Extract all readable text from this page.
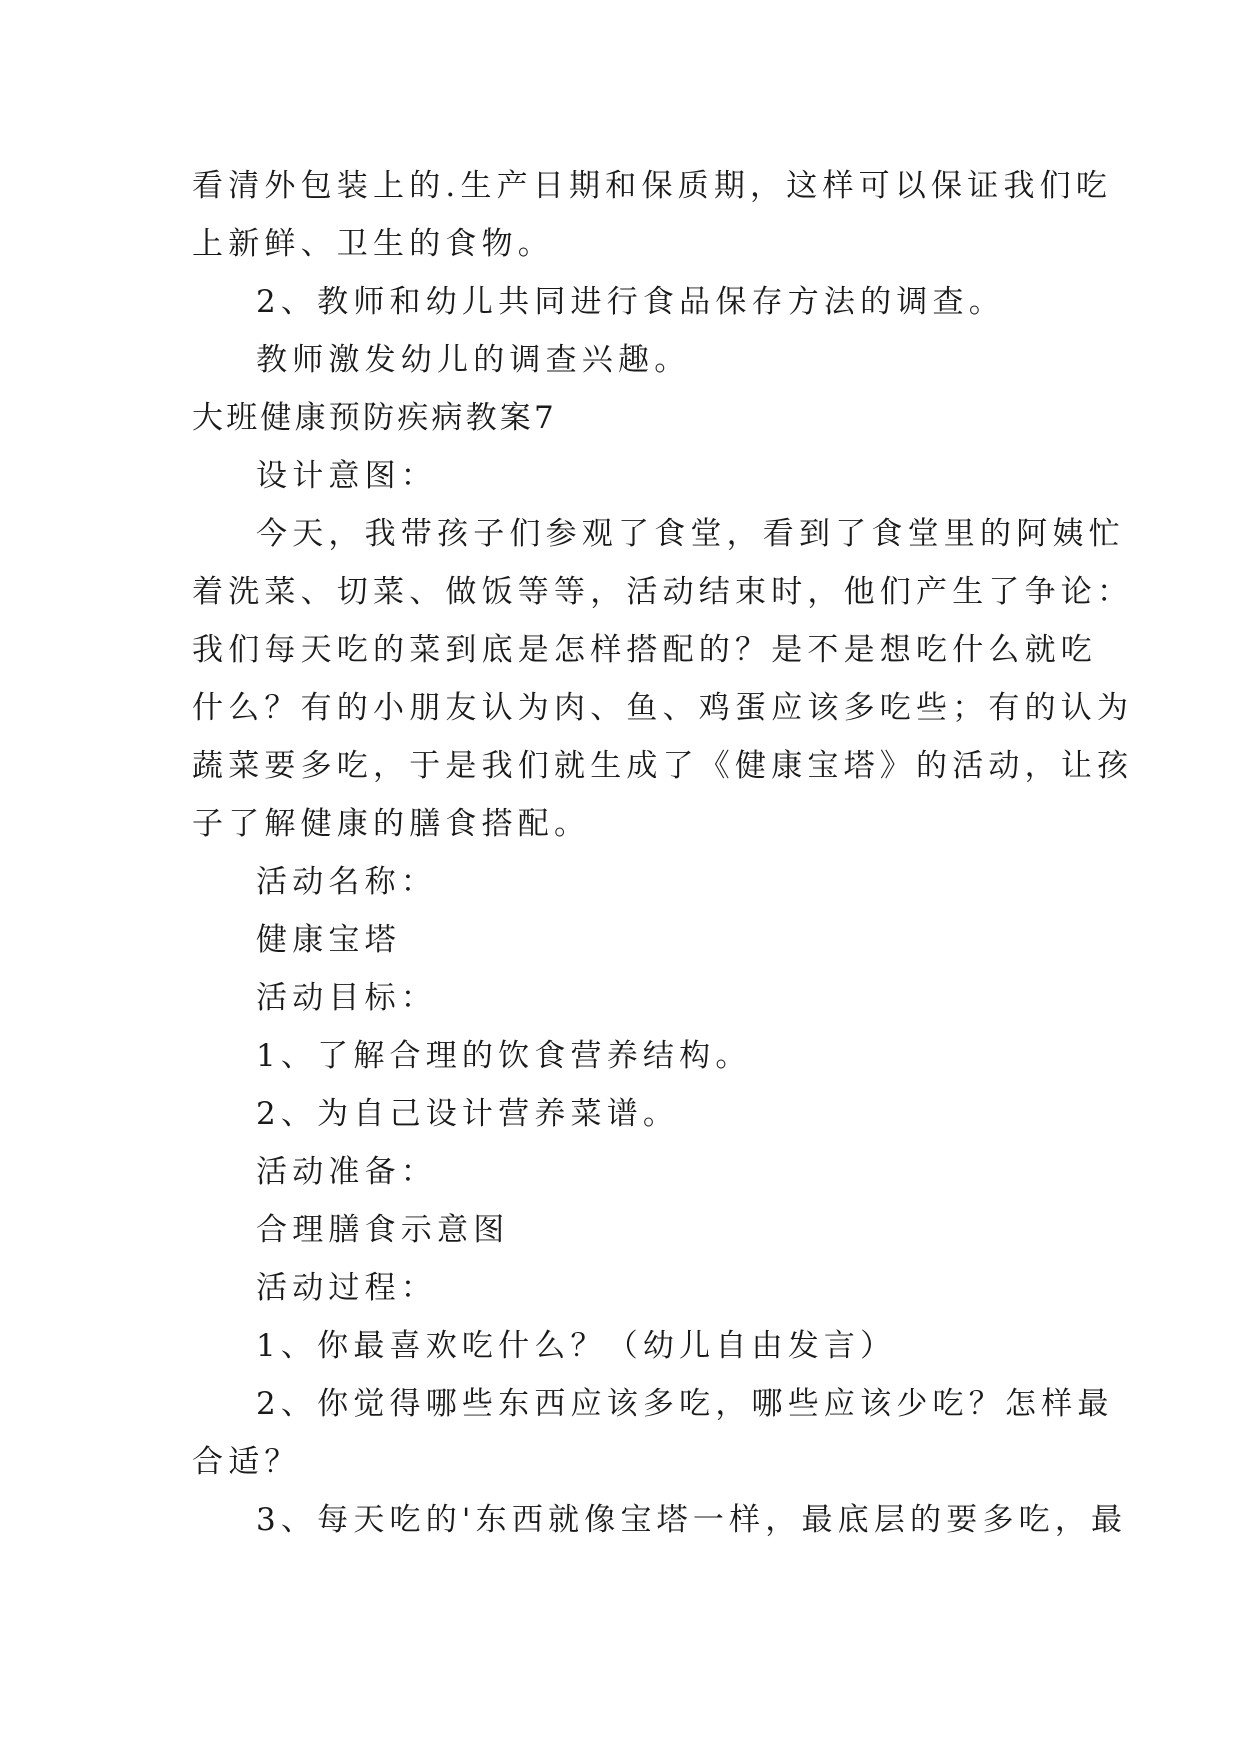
看清外包装上的.生产日期和保质期，这样可以保证我们吃

上新鲜、卫生的食物。

2、教师和幼儿共同进行食品保存方法的调查。

教师激发幼儿的调查兴趣。

大班健康预防疾病教案7

设计意图：

今天，我带孩子们参观了食堂，看到了食堂里的阿姨忙

着洗菜、切菜、做饭等等，活动结束时，他们产生了争论：

我们每天吃的菜到底是怎样搭配的？是不是想吃什么就吃

什么？有的小朋友认为肉、鱼、鸡蛋应该多吃些；有的认为

蔬菜要多吃，于是我们就生成了《健康宝塔》的活动，让孩

子了解健康的膳食搭配。

活动名称：

健康宝塔

活动目标：

1、了解合理的饮食营养结构。

2、为自己设计营养菜谱。

活动准备：

合理膳食示意图

活动过程：

1、你最喜欢吃什么？（幼儿自由发言）

2、你觉得哪些东西应该多吃，哪些应该少吃？怎样最

合适？

3、每天吃的'东西就像宝塔一样，最底层的要多吃，最
